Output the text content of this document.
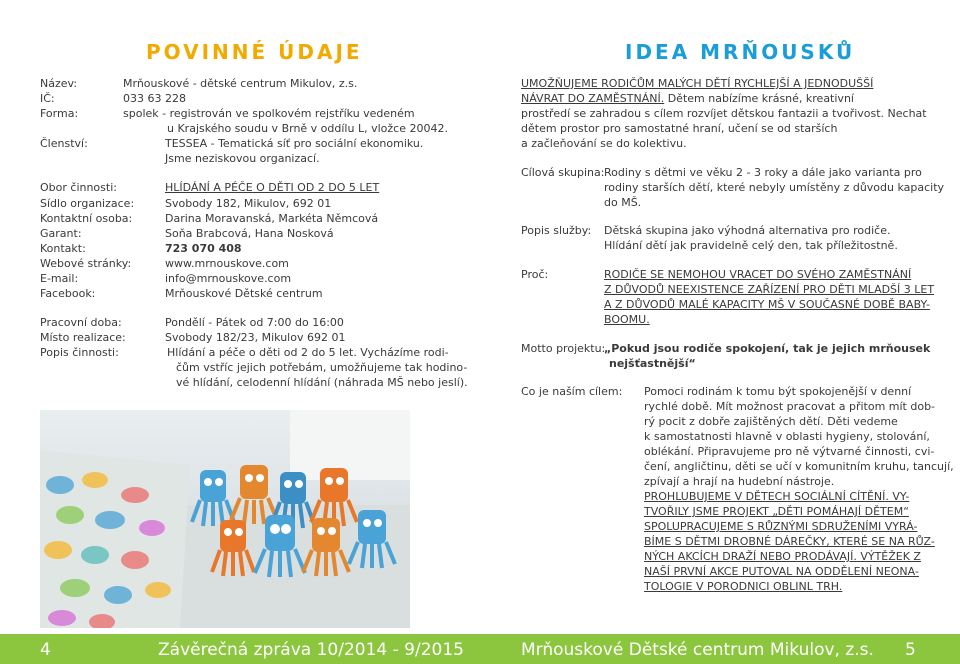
POVINNÉ ÚDAJE	IDEA MRŇOUSKŮ
Název:	Mrňouskové - dětské centrum Mikulov, z.s.
IČ:	033 63 228
Forma:	spolek - registrován ve spolkovém rejstříku vedeném
u Krajského soudu v Brně v oddílu L, vložce 20042.
Členství:	TESSEA - Tematická síť pro sociální ekonomiku.
Jsme neziskovou organizací.
Obor činnosti:	HLÍDÁNÍ A PÉČE O DĚTI OD 2 DO 5 LET
Sídlo organizace:	Svobody 182, Mikulov, 692 01
Kontaktní osoba:	Darina Moravanská, Markéta Němcová
Garant:	Soňa Brabcová, Hana Nosková
Kontakt:	723 070 408
Webové stránky:	www.mrnouskove.com
E-mail:	info@mrnouskove.com
Facebook:	Mrňouskové Dětské centrum
Pracovní doba:	Pondělí - Pátek od 7:00 do 16:00
Místo realizace:	Svobody 182/23, Mikulov 692 01
Popis činnosti:	Hlídání a péče o děti od 2 do 5 let. Vycházíme rodi-
čům vstříc jejich potřebám, umožňujeme tak hodino-
vé hlídání, celodenní hlídání (náhrada MŠ nebo jeslí).
UMOŽŇUJEME RODIČŮM MALÝCH DĚTÍ RYCHLEJŠÍ A JEDNODUŠŠÍ
NÁVRAT DO ZAMĚSTNÁNÍ. Dětem nabízíme krásné, kreativní
prostředí se zahradou s cílem rozvíjet dětskou fantazii a tvořivost. Nechat
dětem prostor pro samostatné hraní, učení se od starších
a začleňování se do kolektivu.
Cílová skupina: Rodiny s dětmi ve věku 2 - 3 roky a dále jako varianta pro
rodiny starších dětí, které nebyly umístěny z důvodu kapacity
do MŠ.
Popis služby: Dětská skupina jako výhodná alternativa pro rodiče.
Hlídání dětí jak pravidelně celý den, tak příležitostně.
Proč:	RODIČE SE NEMOHOU VRACET DO SVÉHO ZAMĚSTNÁNÍ
Z DŮVODŮ NEEXISTENCE ZAŘÍZENÍ PRO DĚTI MLADŠÍ 3 LET
A Z DŮVODŮ MALÉ KAPACITY MŠ V SOUČASNÉ DOBĚ BABY-
BOOMU.
Motto projektu:
„Pokud jsou rodiče spokojení, tak je jejich mrňousek
nejšťastnější“
Co je naším cílem: Pomoci rodinám k tomu být spokojenější v denní
rychlé době. Mít možnost pracovat a přitom mít dob-
rý pocit z dobře zajištěných dětí. Děti vedeme
k samostatnosti hlavně v oblasti hygieny, stolování,
oblékání. Připravujeme pro ně výtvarné činnosti, cvi-
čení, angličtinu, děti se učí v komunitním kruhu, tancují,
zpívají a hrají na hudební nástroje.
PROHLUBUJEME V DĚTECH SOCIÁLNÍ CÍTĚNÍ. VY-
TVOŘILY JSME PROJEKT „DĚTI POMÁHAJÍ DĚTEM“
SPOLUPRACUJEME S RŮZNÝMI SDRUŽENÍMI VYRÁ-
BÍME S DĚTMI DROBNÉ DÁREČKY, KTERÉ SE NA RŮZ-
NÝCH AKCÍCH DRAŽÍ NEBO PRODÁVAJÍ. VÝTĚŽEK Z
NAŠÍ PRVNÍ AKCE PUTOVAL NA ODDĚLENÍ NEONA-
TOLOGIE V PORODNICI OBLINL TRH.
4	Závěrečná zpráva 10/2014 - 9/2015	Mrňouskové Dětské centrum Mikulov, z.s. 5
